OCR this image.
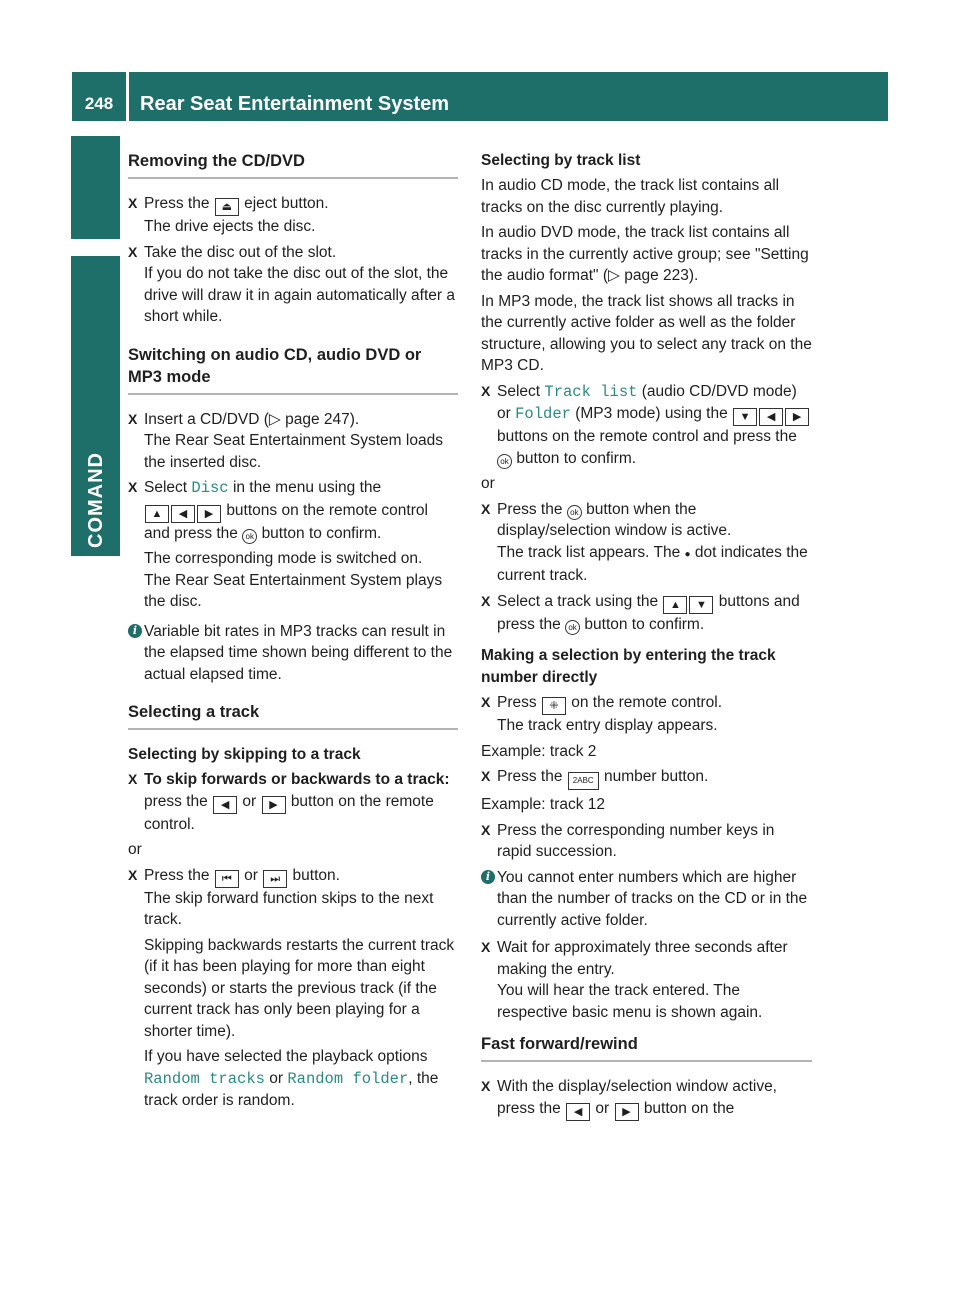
248	Rear Seat Entertainment System
COMAND
Removing the CD/DVD
X Press the ⏏ eject button.
The drive ejects the disc.
X Take the disc out of the slot.
If you do not take the disc out of the slot, the drive will draw it in again automatically after a short while.
Switching on audio CD, audio DVD or MP3 mode
X Insert a CD/DVD (▷ page 247).
The Rear Seat Entertainment System loads the inserted disc.
X Select Disc in the menu using the
▲ ◀ ▶ buttons on the remote control and press the ok button to confirm.
The corresponding mode is switched on.
The Rear Seat Entertainment System plays the disc.
i Variable bit rates in MP3 tracks can result in the elapsed time shown being different to the actual elapsed time.
Selecting a track
Selecting by skipping to a track
X To skip forwards or backwards to a track: press the ◀ or ▶ button on the remote control.

or

X Press the ⏮ or ⏭ button.
The skip forward function skips to the next track.
Skipping backwards restarts the current track (if it has been playing for more than eight seconds) or starts the previous track (if the current track has only been playing for a shorter time).
If you have selected the playback options Random tracks or Random folder, the track order is random.
Selecting by track list

In audio CD mode, the track list contains all tracks on the disc currently playing.

In audio DVD mode, the track list contains all tracks in the currently active group; see "Setting the audio format" (▷ page 223).

In MP3 mode, the track list shows all tracks in the currently active folder as well as the folder structure, allowing you to select any track on the MP3 CD.

X Select Track list (audio CD/DVD mode) or Folder (MP3 mode) using the ▼ ◀ ▶ buttons on the remote control and press the ok button to confirm.

or

X Press the ok button when the display/selection window is active.
The track list appears. The ● dot indicates the current track.
X Select a track using the ▲ ▼ buttons and press the ok button to confirm.
Making a selection by entering the track number directly
X Press ⁜ on the remote control.
The track entry display appears.

Example: track 2

X Press the 2ABC number button.

Example: track 12

X Press the corresponding number keys in rapid succession.
i You cannot enter numbers which are higher than the number of tracks on the CD or in the currently active folder.
X Wait for approximately three seconds after making the entry.
You will hear the track entered. The respective basic menu is shown again.
Fast forward/rewind
X With the display/selection window active, press the ◀ or ▶ button on the
